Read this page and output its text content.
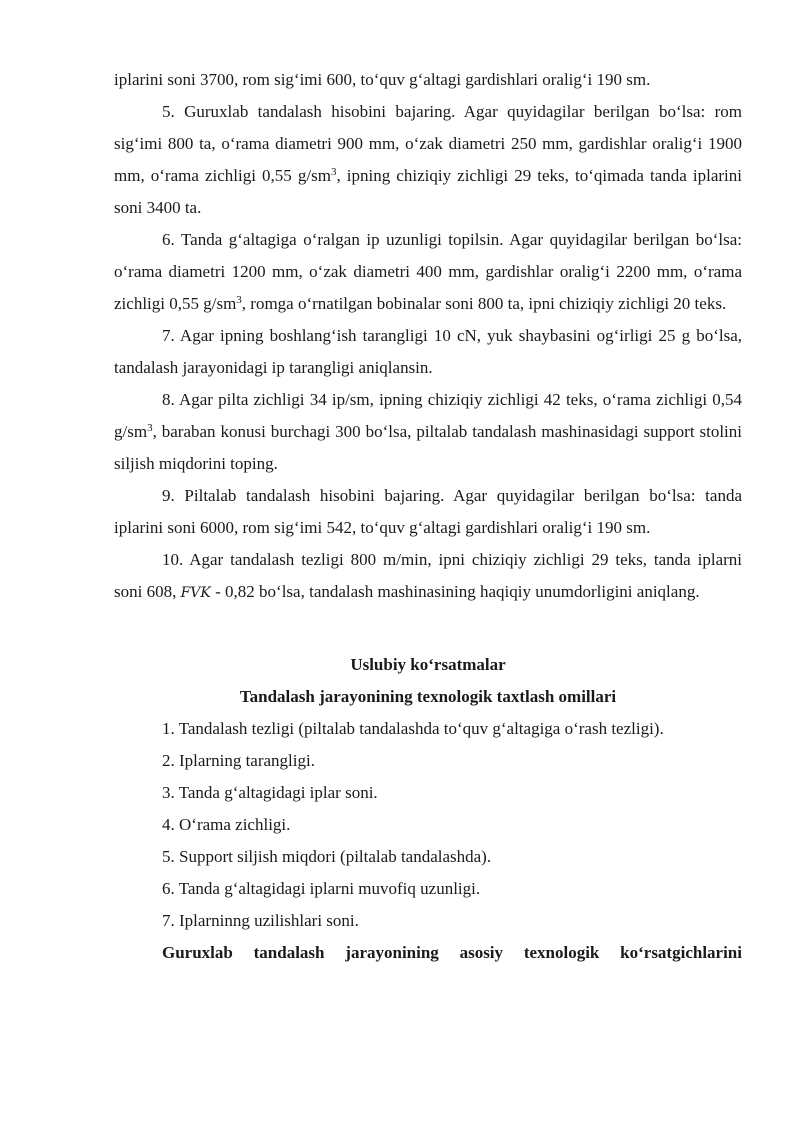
iplarini soni 3700, rom sig‘imi 600, to‘quv g‘altagi gardishlari oralig‘i 190 sm.

5. Guruxlab tandalash hisobini bajaring. Agar quyidagilar berilgan bo‘lsa: rom sig‘imi 800 ta, o‘rama diametri 900 mm, o‘zak diametri 250 mm, gardishlar oralig‘i 1900 mm, o‘rama zichligi 0,55 $g/sm^3$, ipning chiziqiy zichligi 29 teks, to‘qimada tanda iplarini soni 3400 ta.

6. Tanda g‘altagiga o‘ralgan ip uzunligi topilsin. Agar quyidagilar berilgan bo‘lsa: o‘rama diametri 1200 mm, o‘zak diametri 400 mm, gardishlar oralig‘i 2200 mm, o‘rama zichligi 0,55 $g/sm^3$, romga o‘rnatilgan bobinalar soni 800 ta, ipni chiziqiy zichligi 20 teks.

7. Agar ipning boshlang‘ish tarangligi 10 cN, yuk shaybasini og‘irligi 25 g bo‘lsa, tandalash jarayonidagi ip tarangligi aniqlansin.

8. Agar pilta zichligi 34 ip/sm, ipning chiziqiy zichligi 42 teks, o‘rama zichligi 0,54 $g/sm^3$, baraban konusi burchagi 300 bo‘lsa, piltalab tandalash mashinasidagi support stolini siljish miqdorini toping.

9. Piltalab tandalash hisobini bajaring. Agar quyidagilar berilgan bo‘lsa: tanda iplarini soni 6000, rom sig‘imi 542, to‘quv g‘altagi gardishlari oralig‘i 190 sm.

10. Agar tandalash tezligi 800 m/min, ipni chiziqiy zichligi 29 teks, tanda iplarni soni 608, FVK - 0,82 bo‘lsa, tandalash mashinasining haqiqiy unumdorligini aniqlang.

Uslubiy ko‘rsatmalar

Tandalash jarayonining texnologik taxtlash omillari

1. Tandalash tezligi (piltalab tandalashda to‘quv g‘altagiga o‘rash tezligi).

2. Iplarning tarangligi.

3. Tanda g‘altagidagi iplar soni.

4. O‘rama zichligi.

5. Support siljish miqdori (piltalab tandalashda).

6. Tanda g‘altagidagi iplarni muvofiq uzunligi.

7. Iplarninng uzilishlari soni.

Guruxlab tandalash jarayonining asosiy texnologik ko‘rsatgichlarini
